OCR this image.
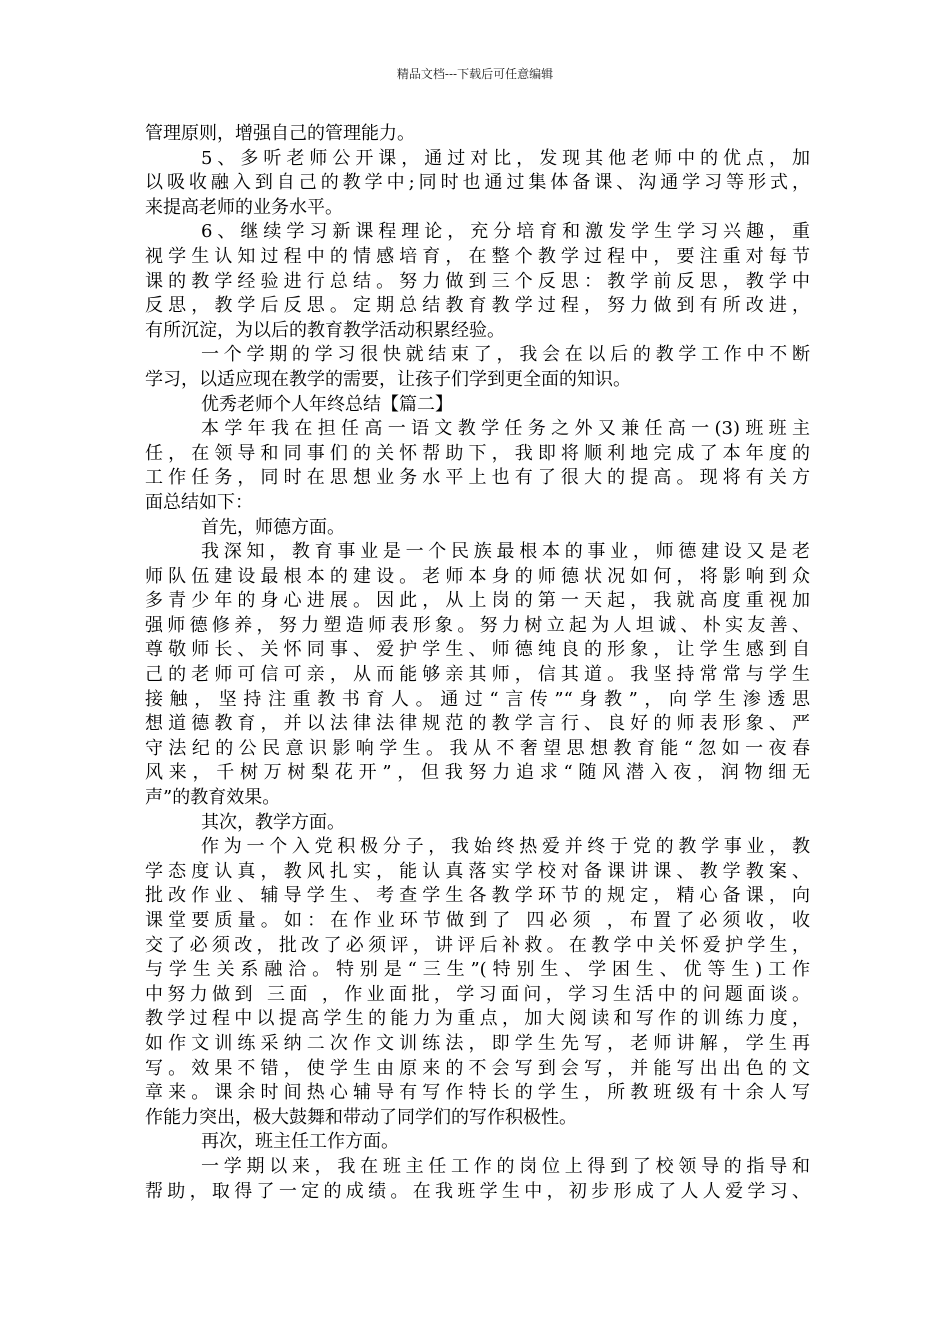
精品文档---下载后可任意编辑
管理原则，增强自己的管理能力。
5、多听老师公开课，通过对比，发现其他老师中的优点，加
以吸收融入到自己的教学中;同时也通过集体备课、沟通学习等形式，
来提高老师的业务水平。
6、继续学习新课程理论，充分培育和激发学生学习兴趣，重
视学生认知过程中的情感培育，在整个教学过程中，要注重对每节
课的教学经验进行总结。努力做到三个反思：教学前反思，教学中
反思，教学后反思。定期总结教育教学过程，努力做到有所改进，
有所沉淀，为以后的教育教学活动积累经验。
一个学期的学习很快就结束了，我会在以后的教学工作中不断
学习，以适应现在教学的需要，让孩子们学到更全面的知识。
优秀老师个人年终总结【篇二】
本学年我在担任高一语文教学任务之外又兼任高一(3)班班主
任，在领导和同事们的关怀帮助下，我即将顺利地完成了本年度的
工作任务，同时在思想业务水平上也有了很大的提高。现将有关方
面总结如下：
首先，师德方面。
我深知，教育事业是一个民族最根本的事业，师德建设又是老
师队伍建设最根本的建设。老师本身的师德状况如何，将影响到众
多青少年的身心进展。因此，从上岗的第一天起，我就高度重视加
强师德修养，努力塑造师表形象。努力树立起为人坦诚、朴实友善、
尊敬师长、关怀同事、爱护学生、师德纯良的形象，让学生感到自
己的老师可信可亲，从而能够亲其师，信其道。我坚持常常与学生
接触，坚持注重教书育人。通过“言传”“身教”，向学生渗透思
想道德教育，并以法律法律规范的教学言行、良好的师表形象、严
守法纪的公民意识影响学生。我从不奢望思想教育能“忽如一夜春
风来，千树万树梨花开”，但我努力追求“随风潜入夜，润物细无
声”的教育效果。
其次，教学方面。
作为一个入党积极分子，我始终热爱并终于党的教学事业，教
学态度认真，教风扎实，能认真落实学校对备课讲课、教学教案、
批改作业、辅导学生、考查学生各教学环节的规定，精心备课，向
课堂要质量。如：在作业环节做到了 四必须 ，布置了必须收，收
交了必须改，批改了必须评，讲评后补救。在教学中关怀爱护学生，
与学生关系融洽。特别是“三生”(特别生、学困生、优等生)工作
中努力做到 三面 ，作业面批，学习面问，学习生活中的问题面谈。
教学过程中以提高学生的能力为重点，加大阅读和写作的训练力度，
如作文训练采纳二次作文训练法，即学生先写，老师讲解，学生再
写。效果不错，使学生由原来的不会写到会写，并能写出出色的文
章来。课余时间热心辅导有写作特长的学生，所教班级有十余人写
作能力突出，极大鼓舞和带动了同学们的写作积极性。
再次，班主任工作方面。
一学期以来，我在班主任工作的岗位上得到了校领导的指导和
帮助，取得了一定的成绩。在我班学生中，初步形成了人人爱学习、
